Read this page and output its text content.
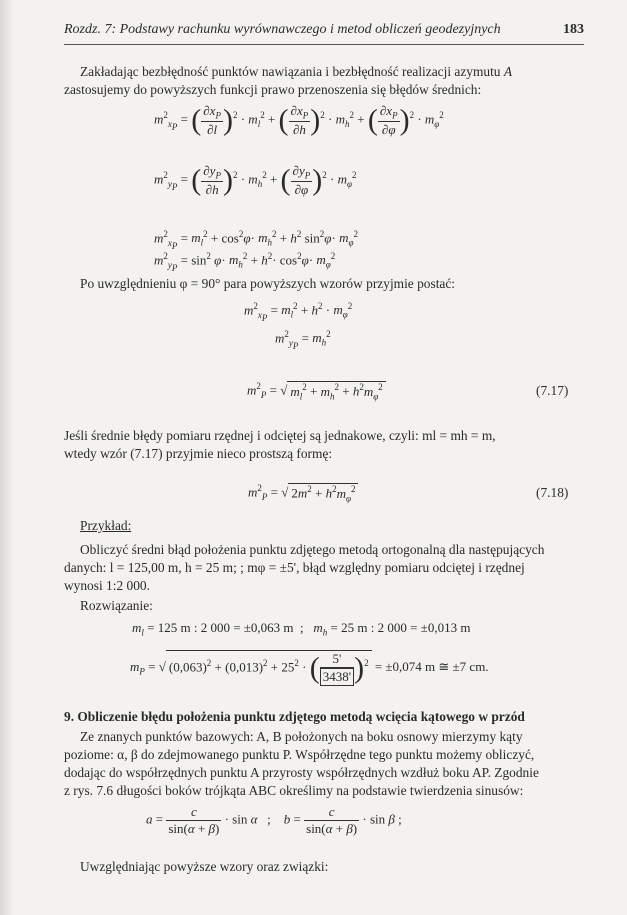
Rozdz. 7: Podstawy rachunku wyrównawczego i metod obliczeń geodezyjnych	183
Zakładając bezbłędność punktów nawiązania i bezbłędność realizacji azymutu A
zastosujemy do powyższych funkcji prawo przenoszenia się błędów średnich:
$m^2_{x_P}$ = ( $\frac{\partial x_P}{\partial l} )^2 \cdot m_l^2$ + ( $\frac{\partial x_P}{\partial h} )^2 \cdot m_h^2$ + ( $\frac{\partial x_P}{\partial\varphi} )^2 \cdot m_\varphi^2$
$m^2_{y_P}$ = ( $\frac{\partial y_P}{\partial h} )^2 \cdot m_h^2$ + ( $\frac{\partial y_P}{\partial\varphi} )^2 \cdot m_\varphi^2$
$m^2_{x_P} = m_l^2 + \cos^2\varphi\cdot m_h^2 + h^2$ $\sin^2\varphi\cdot m_\varphi^2$
$m^2_{y_P} = \sin^2 \varphi\cdot m_h^2 + h^2\cdot \cos^2\varphi\cdot m_\varphi^2$
Po uwzględnieniu φ = 90° para powyższych wzorów przyjmie postać:
$m^2_{x_P} = m_l^2 + h^2 \cdot m_\varphi^2$
$m^2_{y_P} = m_h^2$
$m^2_P$ = √ $m_l^2 + m_h^2 + h^2m_\varphi^2$	(7.17)
Jeśli średnie błędy pomiaru rzędnej i odciętej są jednakowe, czyli: ml = mh = m,
wtedy wzór (7.17) przyjmie nieco prostszą formę:
$m^2_P$ = √ $2m^2 + h^2m_\varphi^2$	(7.18)
Przykład:
Obliczyć średni błąd położenia punktu zdjętego metodą ortogonalną dla następujących
danych: l = 125,00 m, h = 25 m; ; mφ = ±5', błąd względny pomiaru odciętej i rzędnej
wynosi 1:2 000.
Rozwiązanie:
$m_l = 125$ m : 2 000 = ±0,063 m  ;   $m_h = 25$ m : 2 000 = ±0,013 m
$m_P$ = √ $(0,063)^2 + (0,013)^2 + 25^2$ · ( $\frac{5'}{3438'} )^2 = \pm 0,074$ m ≅ ±7 cm.
9. Obliczenie błędu położenia punktu zdjętego metodą wcięcia kątowego w przód
Ze znanych punktów bazowych: A, B położonych na boku osnowy mierzymy kąty
poziome: α, β do zdejmowanego punktu P. Współrzędne tego punktu możemy obliczyć,
dodając do współrzędnych punktu A przyrosty współrzędnych wzdłuż boku AP. Zgodnie
z rys. 7.6 długości boków trójkąta ABC określimy na podstawie twierdzenia sinusów:
$a = \frac{c}{\sin(\alpha + \beta)} \cdot \sin \alpha$   ;    $b = \frac{c}{\sin(\alpha + \beta)} \cdot \sin \beta$ ;
Uwzględniając powyższe wzory oraz związki:
